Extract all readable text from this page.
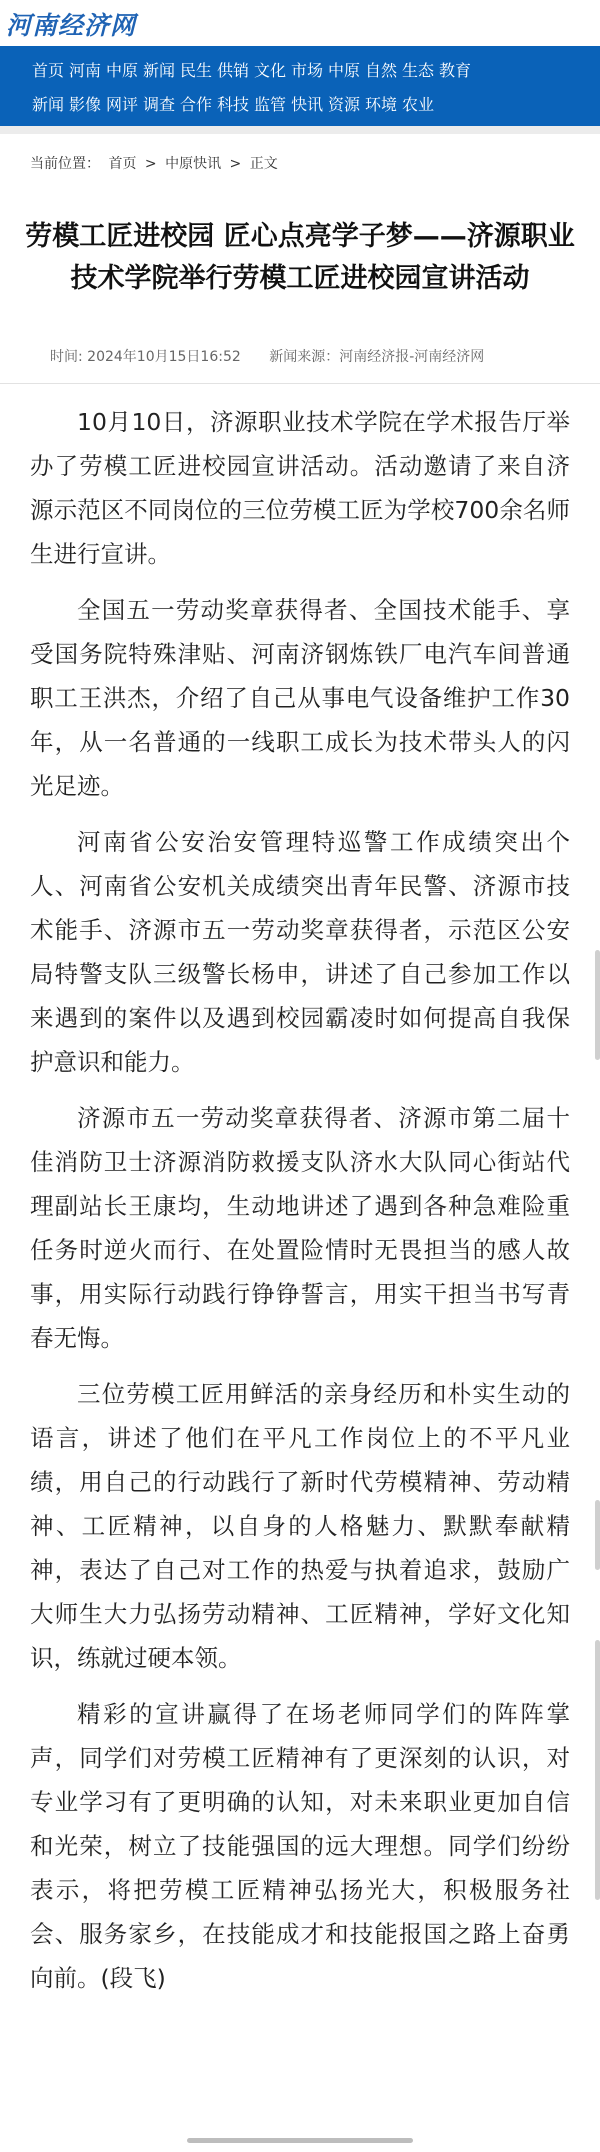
河南经济网
首页 河南 中原 新闻 民生 供销 文化 市场 中原 自然 生态 教育
新闻 影像 网评 调查 合作 科技 监管 快讯 资源 环境 农业
当前位置： 首页 > 中原快讯 > 正文
劳模工匠进校园 匠心点亮学子梦——济源职业技术学院举行劳模工匠进校园宣讲活动
时间: 2024年10月15日16:52 新闻来源：河南经济报-河南经济网

10月10日，济源职业技术学院在学术报告厅举办了劳模工匠进校园宣讲活动。活动邀请了来自济源示范区不同岗位的三位劳模工匠为学校700余名师生进行宣讲。

全国五一劳动奖章获得者、全国技术能手、享受国务院特殊津贴、河南济钢炼铁厂电汽车间普通职工王洪杰，介绍了自己从事电气设备维护工作30年，从一名普通的一线职工成长为技术带头人的闪光足迹。

河南省公安治安管理特巡警工作成绩突出个人、河南省公安机关成绩突出青年民警、济源市技术能手、济源市五一劳动奖章获得者，示范区公安局特警支队三级警长杨申，讲述了自己参加工作以来遇到的案件以及遇到校园霸凌时如何提高自我保护意识和能力。

济源市五一劳动奖章获得者、济源市第二届十佳消防卫士济源消防救援支队济水大队同心街站代理副站长王康均，生动地讲述了遇到各种急难险重任务时逆火而行、在处置险情时无畏担当的感人故事，用实际行动践行铮铮誓言，用实干担当书写青春无悔。

三位劳模工匠用鲜活的亲身经历和朴实生动的语言，讲述了他们在平凡工作岗位上的不平凡业绩，用自己的行动践行了新时代劳模精神、劳动精神、工匠精神，以自身的人格魅力、默默奉献精神，表达了自己对工作的热爱与执着追求，鼓励广大师生大力弘扬劳动精神、工匠精神，学好文化知识，练就过硬本领。

精彩的宣讲赢得了在场老师同学们的阵阵掌声，同学们对劳模工匠精神有了更深刻的认识，对专业学习有了更明确的认知，对未来职业更加自信和光荣，树立了技能强国的远大理想。同学们纷纷表示，将把劳模工匠精神弘扬光大，积极服务社会、服务家乡，在技能成才和技能报国之路上奋勇向前。(段飞)
